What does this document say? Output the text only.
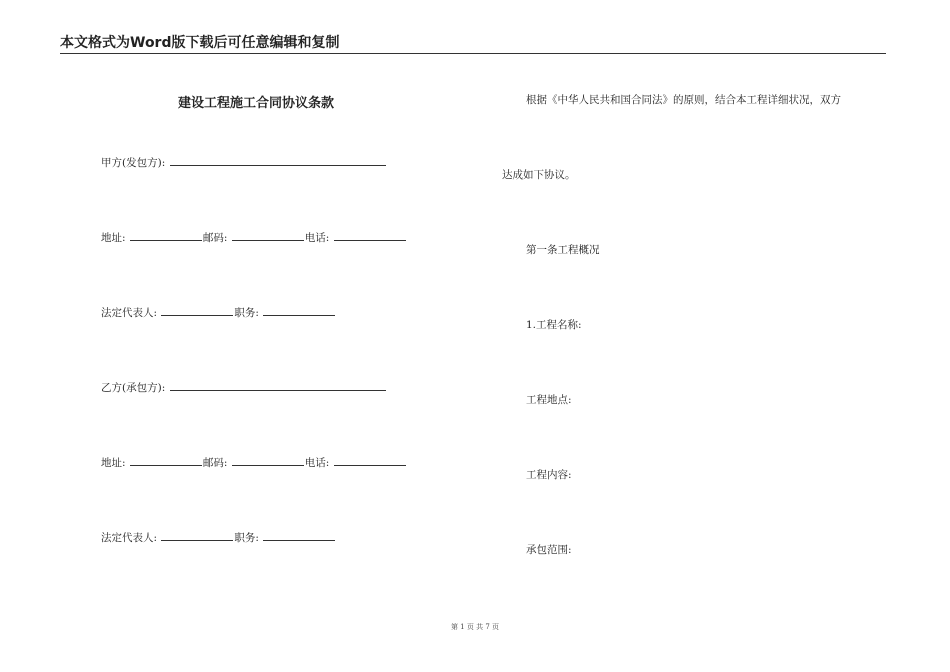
本文格式为Word版下载后可任意编辑和复制
建设工程施工合同协议条款
甲方(发包方):
地址:	邮码:	电话:
法定代表人:	职务:
乙方(承包方):
地址:	邮码:	电话:
法定代表人:	职务:
根据《中华人民共和国合同法》的原则，结合本工程详细状况，双方
达成如下协议。
第一条工程概况
1.工程名称:
工程地点:
工程内容:
承包范围:
第 1 页 共 7 页
